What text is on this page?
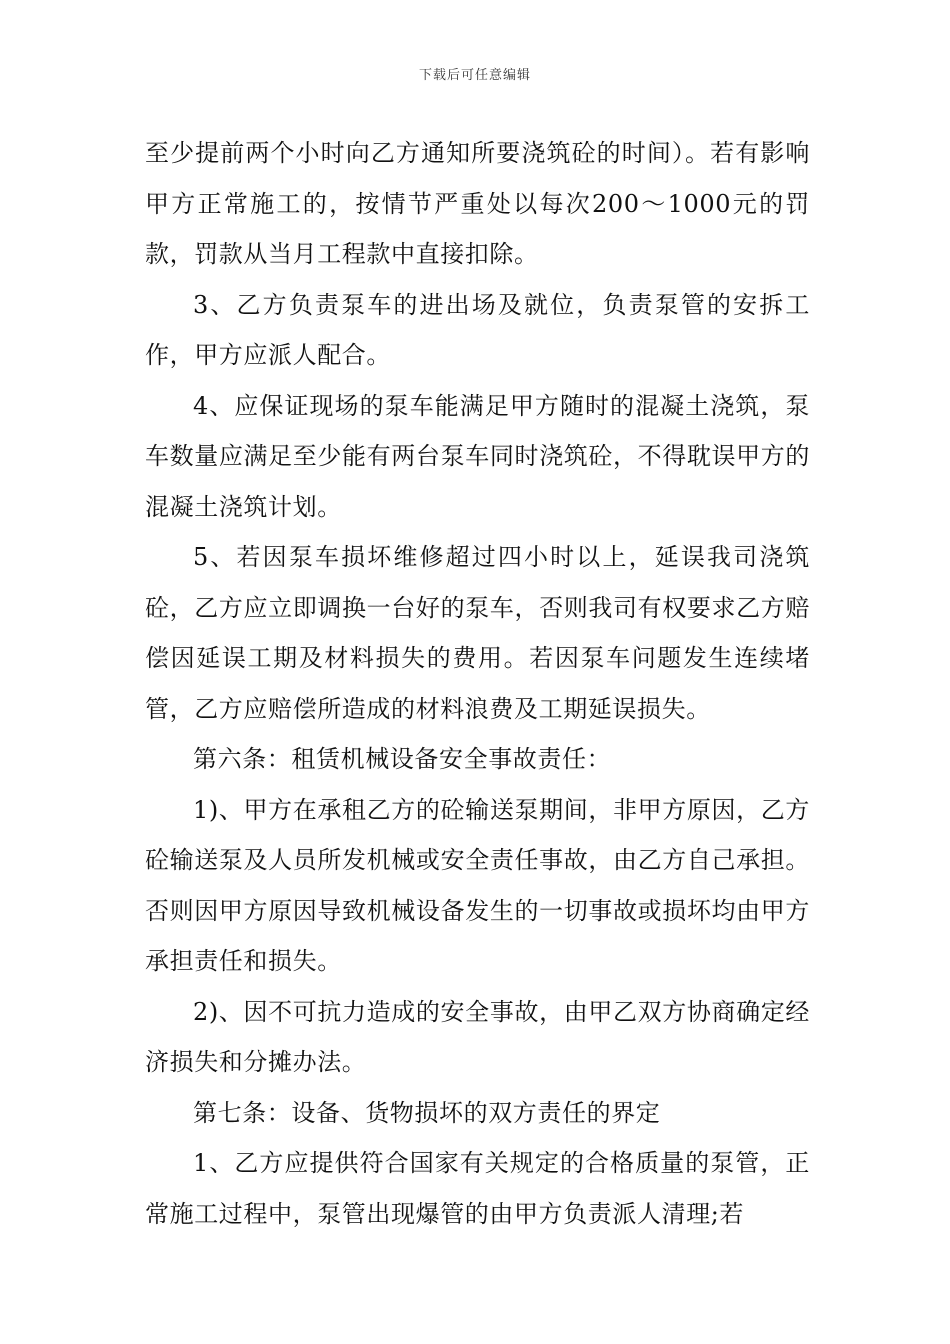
下载后可任意编辑

至少提前两个小时向乙方通知所要浇筑砼的时间）。若有影响甲方正常施工的，按情节严重处以每次200～1000元的罚款，罚款从当月工程款中直接扣除。

3、乙方负责泵车的进出场及就位，负责泵管的安拆工作，甲方应派人配合。

4、应保证现场的泵车能满足甲方随时的混凝土浇筑，泵车数量应满足至少能有两台泵车同时浇筑砼，不得耽误甲方的混凝土浇筑计划。

5、若因泵车损坏维修超过四小时以上，延误我司浇筑砼，乙方应立即调换一台好的泵车，否则我司有权要求乙方赔偿因延误工期及材料损失的费用。若因泵车问题发生连续堵管，乙方应赔偿所造成的材料浪费及工期延误损失。

第六条：租赁机械设备安全事故责任：

1)、甲方在承租乙方的砼输送泵期间，非甲方原因，乙方砼输送泵及人员所发机械或安全责任事故，由乙方自己承担。否则因甲方原因导致机械设备发生的一切事故或损坏均由甲方承担责任和损失。

2)、因不可抗力造成的安全事故，由甲乙双方协商确定经济损失和分摊办法。

第七条：设备、货物损坏的双方责任的界定

1、乙方应提供符合国家有关规定的合格质量的泵管，正常施工过程中，泵管出现爆管的由甲方负责派人清理;若
